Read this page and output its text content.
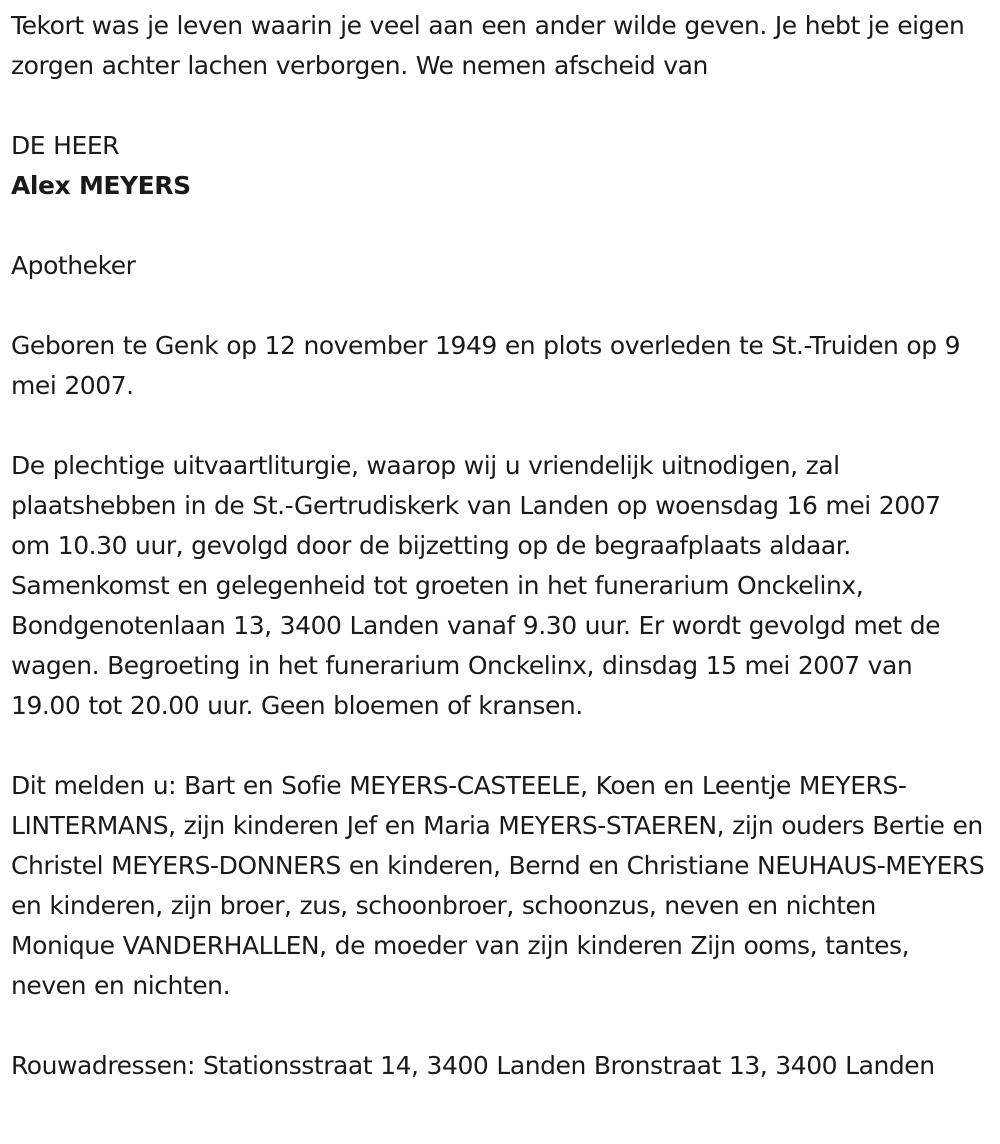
Tekort was je leven waarin je veel aan een ander wilde geven. Je hebt je eigen zorgen achter lachen verborgen. We nemen afscheid van

DE HEER

Alex MEYERS

Apotheker

Geboren te Genk op 12 november 1949 en plots overleden te St.-Truiden op 9 mei 2007.

De plechtige uitvaartliturgie, waarop wij u vriendelijk uitnodigen, zal plaatshebben in de St.-Gertrudiskerk van Landen op woensdag 16 mei 2007 om 10.30 uur, gevolgd door de bijzetting op de begraafplaats aldaar. Samenkomst en gelegenheid tot groeten in het funerarium Onckelinx, Bondgenotenlaan 13, 3400 Landen vanaf 9.30 uur. Er wordt gevolgd met de wagen. Begroeting in het funerarium Onckelinx, dinsdag 15 mei 2007 van 19.00 tot 20.00 uur. Geen bloemen of kransen.

Dit melden u: Bart en Sofie MEYERS-CASTEELE, Koen en Leentje MEYERS-LINTERMANS, zijn kinderen Jef en Maria MEYERS-STAEREN, zijn ouders Bertie en Christel MEYERS-DONNERS en kinderen, Bernd en Christiane NEUHAUS-MEYERS en kinderen, zijn broer, zus, schoonbroer, schoonzus, neven en nichten Monique VANDERHALLEN, de moeder van zijn kinderen Zijn ooms, tantes, neven en nichten.

Rouwadressen: Stationsstraat 14, 3400 Landen Bronstraat 13, 3400 Landen
